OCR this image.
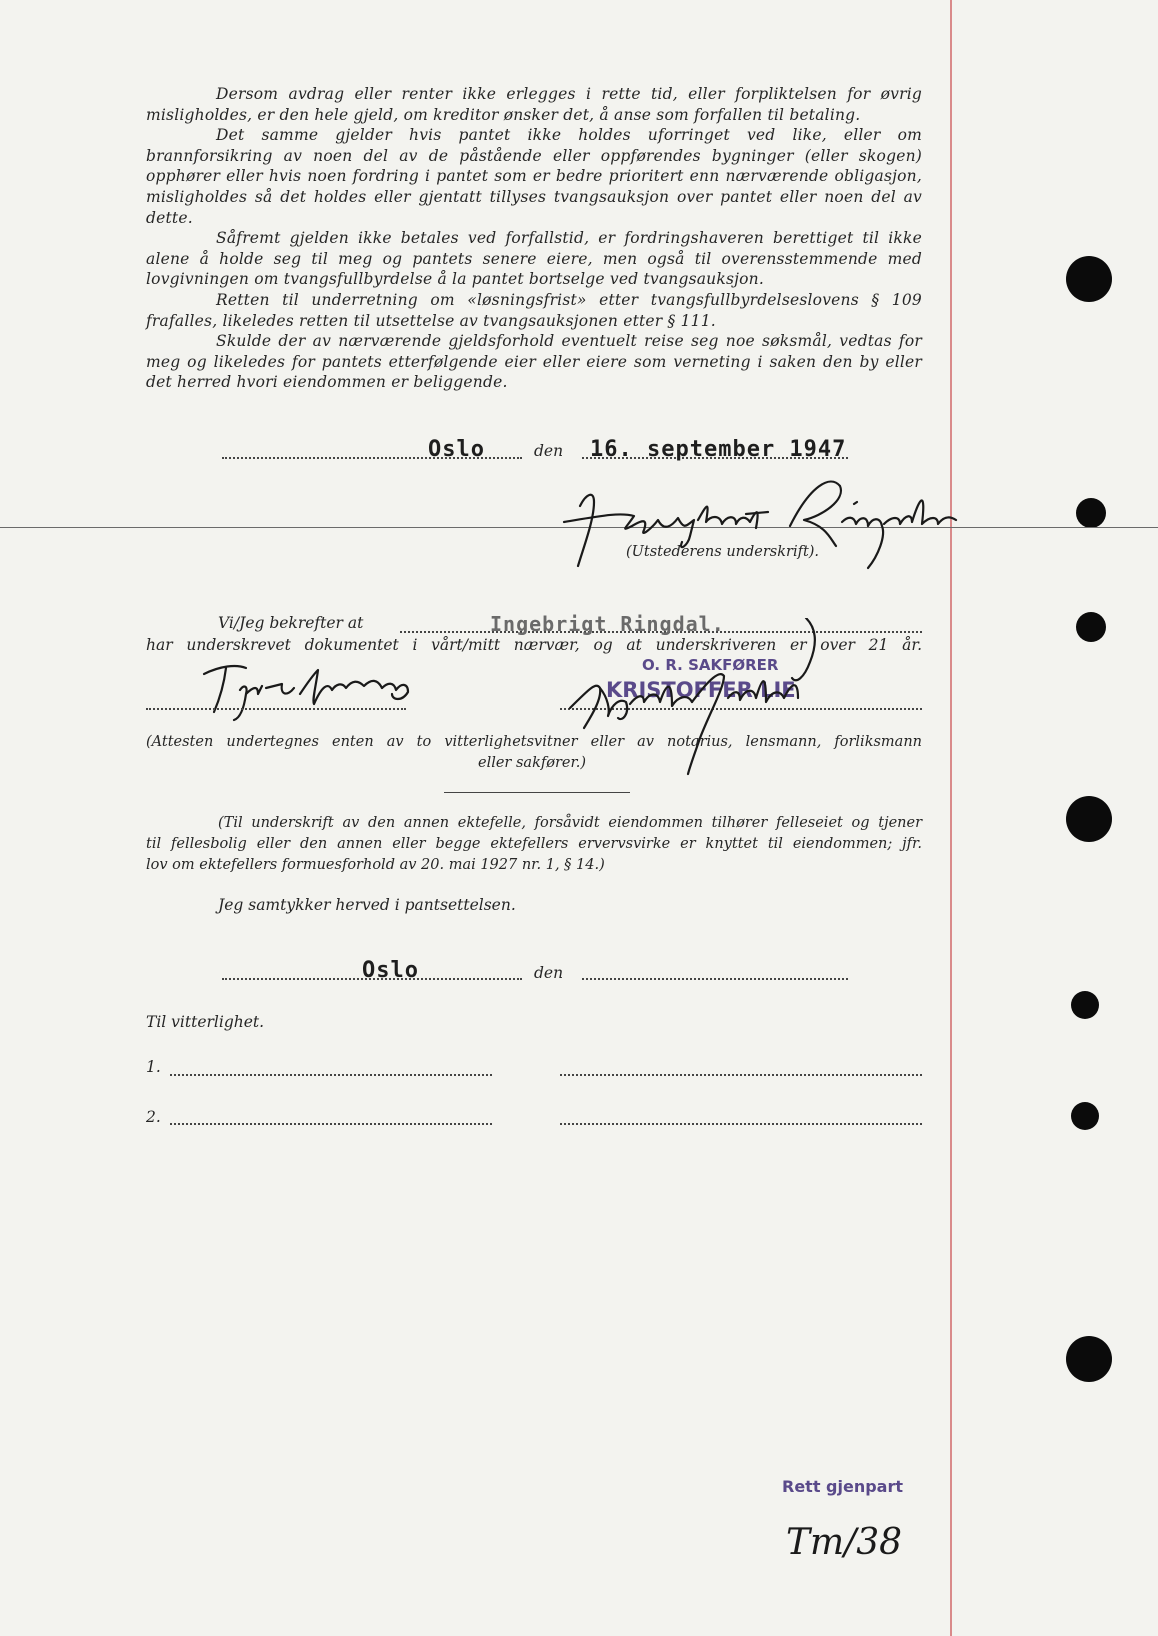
Dersom avdrag eller renter ikke erlegges i rette tid, eller forpliktelsen for øvrig misligholdes, er den hele gjeld, om kreditor ønsker det, å anse som forfallen til betaling.

Det samme gjelder hvis pantet ikke holdes uforringet ved like, eller om brannforsikring av noen del av de påstående eller oppførendes bygninger (eller skogen) opphører eller hvis noen fordring i pantet som er bedre prioritert enn nærværende obligasjon, misligholdes så det holdes eller gjentatt tillyses tvangsauksjon over pantet eller noen del av dette.

Såfremt gjelden ikke betales ved forfallstid, er fordringshaveren berettiget til ikke alene å holde seg til meg og pantets senere eiere, men også til overensstemmende med lovgivningen om tvangsfullbyrdelse å la pantet bortselge ved tvangsauksjon.

Retten til underretning om «løsningsfrist» etter tvangsfullbyrdelseslovens § 109 frafalles, likeledes retten til utsettelse av tvangsauksjonen etter § 111.

Skulde der av nærværende gjeldsforhold eventuelt reise seg noe søksmål, vedtas for meg og likeledes for pantets etterfølgende eier eller eiere som verneting i saken den by eller det herred hvori eiendommen er beliggende.

Oslo	den 16. september 1947
(Utstederens underskrift).
Vi/Jeg bekrefter at	Ingebrigt Ringdal.
har underskrevet dokumentet i vårt/mitt nærvær, og at underskriveren er over 21 år.
O. R. SAKFØRER
KRISTOFFER LIE
(Attesten undertegnes enten av to vitterlighetsvitner eller av notarius, lensmann, forliksmann
eller sakfører.)
(Til underskrift av den annen ektefelle, forsåvidt eiendommen tilhører felleseiet og tjener
til fellesbolig eller den annen eller begge ektefellers ervervsvirke er knyttet til eiendommen; jfr.
lov om ektefellers formuesforhold av 20. mai 1927 nr. 1, § 14.)
Jeg samtykker herved i pantsettelsen.
Oslo	den
Til vitterlighet.
1.
2.
Rett gjenpart
Tm/38
